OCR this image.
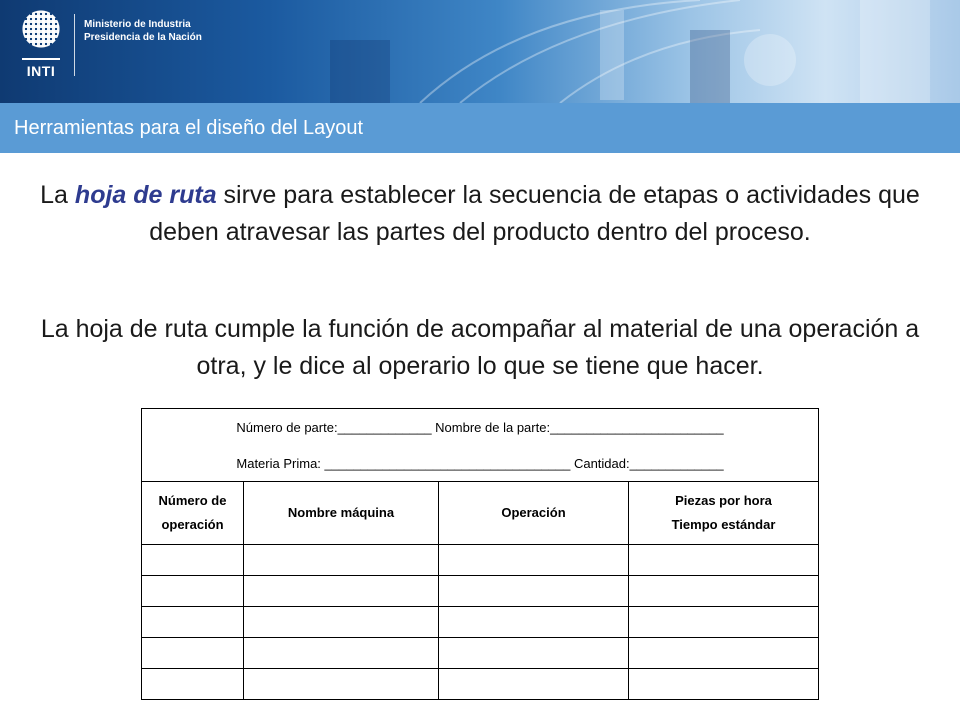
INTI
Ministerio de Industria
Presidencia de la Nación
Herramientas para el diseño del Layout
La hoja de ruta sirve para establecer la secuencia de etapas o actividades que deben atravesar las partes del producto dentro del proceso.
La hoja de ruta cumple la función de acompañar al material de una operación a otra, y le dice al operario lo que se tiene que hacer.
Número de parte:_____________ Nombre de la parte:________________________			
Materia Prima: __________________________________ Cantidad:_____________			
Número de
operación	Nombre máquina	Operación	Piezas por hora
Tiempo estándar
